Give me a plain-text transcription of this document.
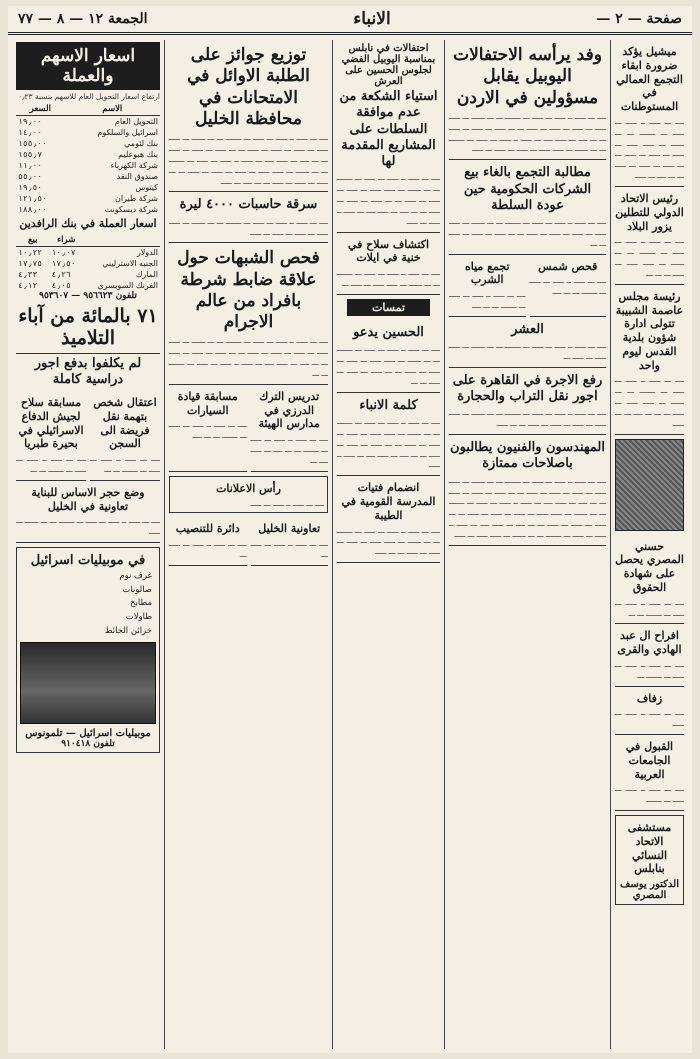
صفحة — ٢ —
الانباء
الجمعة ١٢ — ٨ — ٧٧
ميشيل يؤكد ضرورة ابقاء التجمع العمالي في المستوطنات

ــــ ـــ ـــــ ــ ـــــ ـــ ـــــ ـــ ـــــــ ـــ ـــ ــــــ ـــ ـــــ ـــــ ـــ ـــــ ـــ ـــــ ـــ ـــــ ـــ ـــ ـــــ ـــ ـــــ ـــ ـــــ ـــ ـــ ــــ ـــ ـــــ

رئيس الاتحاد الدولي للتطلين يزور البلاد

ــــ ـــ ـــــ ــ ـــــ ـــ ـــــ ـــ ـــــــ ـــ ـــ ــــــ ـــ ـــــ ـــــ ـــ ـــــ ـــ ـــ ـــ

رئيسة مجلس عاصمة الشبيبة تتولى ادارة شؤون بلدية القدس ليوم واحد

ــــ ـــ ـــــ ــ ـــــ ـــ ـــــ ـــ ـــــــ ـــ ـــ ــــــ ـــ ـــــ ـــــ ـــ ـــــ ـــ ـــ ـــ ــــ ـــ ـــ ـــــ

حسني المصري يحصل على شهادة الحقوق

ــــ ـــ ـــــ ــ ـــــ ـــ ـــــ ـــ ـــــــ ـــ ـــ

افراح ال عبد الهادي والقرى

ــــ ـــ ـــــ ــ ـــــ ـــ ـــــ ـــ ـــــــ ـــ

زفاف

ــــ ـــ ـــــ ــ ـــــ ـــ ـــــ

القبول في الجامعات العربية

ــــ ـــ ـــــ ــ ـــــ ـــ ـــــ ـــ ـــــــ

مستشفى الاتحاد النسائي بنابلس
الدكتور يوسف المصري
وفد يرأسه الاحتفالات اليوبيل يقابل مسؤولين في الاردن

ــــ ـــ ـــــ ــ ـــــ ـــ ـــــ ـــ ـــــــ ـــ ـــ ــــــ ـــ ـــــ ـــــ ـــ ـــــ ـــ ـــــ ـــ ـــــ ـــ ـــ ـــــ ـــ ـــــ ـــ ـــــ ـــ ـــ ــــ ـــ ـــــ ــــ ـــ ـــــ ــ ـــــ ـــ ـــــ ـــ ـــــــ ـــ ـــ ــــــ ـــ ـــــ ـــــ ـــ ـــــ ـــ ـــــ ـــ ـــــ

مطالبة التجمع بالغاء بيع الشركات الحكومية حين عودة السلطة

ــــ ـــ ـــــ ــ ـــــ ـــ ـــــ ـــ ـــــــ ـــ ـــ ــــــ ـــ ـــــ ـــــ ـــ ـــــ ـــ ـــــ ـــ ـــــ ـــ ـــ ـــــ ـــ ـــــ ـــ ـــــ ـــ ـــ

قحص شمس

ــــ ـــ ـــــ ــ ـــــ ـــ ـــــ ـــ ـــــــ ـــ ـــ ــــ

تجمع مياه الشرب

ــــ ـــ ـــــ ــ ـــــ ـــ ـــــ ـــ ـــــــ ـــ ـــ ــــ

العشر

ــــ ـــ ـــــ ــ ـــــ ـــ ـــــ ـــ ـــــــ ـــ ـــ ــــــ ـــ ـــــ ـــــ ـــ ـــــ ـــ

رفع الاجرة في القاهرة على اجور نقل التراب والحجارة

ــــ ـــ ـــــ ــ ـــــ ـــ ـــــ ـــ ـــــــ ـــ ـــ ــــــ ـــ ـــــ ـــــ ـــ ـــــ ـــ ـــــ ـــ ـــــ ـــ ـــ ـــــ

المهندسون والفنيون يطالبون باصلاحات ممتازة

ــــ ـــ ـــــ ــ ـــــ ـــ ـــــ ـــ ـــــــ ـــ ـــ ــــــ ـــ ـــــ ـــــ ـــ ـــــ ـــ ـــــ ـــ ـــــ ـــ ـــ ـــــ ـــ ـــــ ـــ ـــــ ـــ ـــ ــــ ـــ ـــــ ــــ ـــ ـــــ ــ ـــــ ـــ ـــــ ـــ ـــــــ ـــ ـــ ــــــ ـــ ـــــ ـــــ ـــ ـــــ ـــ ـــــ ـــ ـــــ ـــ ـــ ـــــ ـــ ـــــ ـــ ـــــ ـــ ـــ ــــ ـــ ـــــ ــــ ـــ ـــــ ــ ـــــ ـــ ـــــ ـــ ـــــــ ـــ ـــ ــــــ ـــ ـــــ ـــــ ـــ ـــــ

احتفالات في نابلس بمناسبة اليوبيل الفضي لجلوس الحسين على العرش
استياء الشكعة من عدم موافقة السلطات على المشاريع المقدمة لها

ــــ ـــ ـــــ ــ ـــــ ـــ ـــــ ـــ ـــــــ ـــ ـــ ــــــ ـــ ـــــ ـــــ ـــ ـــــ ـــ ـــــ ـــ ـــــ ـــ ـــ ـــــ ـــ ـــــ ـــ ـــــ ـــ ـــ ــــ ـــ ـــــ ــــ ـــ ـــــ ــ ـــــ ـــ ـــــ

اكتشاف سلاح في خنية في ايلات

ــــ ـــ ـــــ ــ ـــــ ـــ ـــــ ـــ ـــــــ ـــ ـــ ــــــ ـــ ـــــ ـــــ ـــ ـــــ ـــ

تمسات
الحسين يدعو

ــــ ـــ ـــــ ــ ـــــ ـــ ـــــ ـــ ـــــــ ـــ ـــ ــــــ ـــ ـــــ ـــــ ـــ ـــــ ـــ ـــــ ـــ ـــــ ـــ ـــ ـــــ ـــ ـــــ ـــ ـــــ ـــ ـــ

كلمة الانباء

ــــ ـــ ـــــ ــ ـــــ ـــ ـــــ ـــ ـــــــ ـــ ـــ ــــــ ـــ ـــــ ـــــ ـــ ـــــ ـــ ـــــ ـــ ـــــ ـــ ـــ ـــــ ـــ ـــــ ـــ ـــــ ـــ ـــ ــــ ـــ ـــــ ــــ ـــ ـــــ ــ ـــــ

انضمام فتيات المدرسة القومية في الطيبة

ــــ ـــ ـــــ ــ ـــــ ـــ ـــــ ـــ ـــــــ ـــ ـــ ــــــ ـــ ـــــ ـــــ ـــ ـــــ ـــ ـــــ ـــ ـــــ ـــ ـــ ـــــ

توزيع جوائز على الطلبة الاوائل في الامتحانات في محافظة الخليل

ــــ ـــ ـــــ ــ ـــــ ـــ ـــــ ـــ ـــــــ ـــ ـــ ــــــ ـــ ـــــ ـــــ ـــ ـــــ ـــ ـــــ ـــ ـــــ ـــ ـــ ـــــ ـــ ـــــ ـــ ـــــ ـــ ـــ ــــ ـــ ـــــ ــــ ـــ ـــــ ــ ـــــ ـــ ـــــ ـــ ـــــــ ـــ ـــ ــــــ ـــ ـــــ ـــــ ـــ ـــــ ـــ ـــــ ـــ ـــــ ـــ ـــ ـــــ ـــ ـــــ ـــ ـــــ ـــ ـــ ــــ ـــ ـــــ

سرقة حاسبات ٤٠٠٠ ليرة

ــــ ـــ ـــــ ــ ـــــ ـــ ـــــ ـــ ـــــــ ـــ ـــ ــــــ ـــ ـــــ ـــــ ـــ ـــــ ـــ ـــــ ـــ ـــــ

فحص الشبهات حول علاقة ضابط شرطة بافراد من عالم الاجرام

ــــ ـــ ـــــ ــ ـــــ ـــ ـــــ ـــ ـــــــ ـــ ـــ ــــــ ـــ ـــــ ـــــ ـــ ـــــ ـــ ـــــ ـــ ـــــ ـــ ـــ ـــــ ـــ ـــــ ـــ ـــــ ـــ ـــ ــــ ـــ ـــــ ــــ ـــ ـــــ ــ ـــــ ـــ ـــــ ـــ ـــــــ ـــ ـــ

تدريس الترك الدرزي في مدارس الهيئة

ــــ ـــ ـــــ ــ ـــــ ـــ ـــــ ـــ ـــــــ ـــ ـــ ــــ ـــ ـــــ ــــ ـــ

مسابقة قيادة السيارات

ــــ ـــ ـــــ ــ ـــــ ـــ ـــــ ـــ ـــــــ ـــ ـــ ــــ

رأس الاعلانات

ــــ ـــ ـــــ ــ ـــــ ـــ ـــــ

تعاونية الخليل

ــــ ـــ ـــــ ــ ـــــ ـــ ـــــ ـــ

دائرة للتنصيب

ــــ ـــ ـــــ ــ ـــــ ـــ ـــــ ـــ

اسعار الاسهم والعملة

ارتفاع اسعار التحويل العام للاسهم بنسبة ٠٫٢٣

الاسم	السعر
التحويل العام	١٩٫٠٠
اسرائيل والسلكوم	١٤٫٠٠
بنك لئومي	١٥٥٫٠٠
بنك هبوعليم	١٥٥٫٧
شركة الكهرباء	١١٫٠٠
صندوق النقد	٥٥٫٠٠
كيتوس	١٩٫٥٠
شركة طيران	١٢١٫٥٠
شركة ديسكونت	١٨٨٫٠٠
اسعار العملة في بنك الرافدين
	شراء	بيع
الدولار	١٠٫٠٧	١٠٫٢٢
الجنيه الاسترليني	١٧٫٥٠	١٧٫٧٥
المارك	٤٫٢٦	٤٫٣٣
الفرنك السويسري	٤٫٠٥	٤٫١٢
تلفون ٩٥٦٦٢٣ — ٩٥٣٦٠٧
٧١ بالمائة من آباء التلاميذ
لم يكلفوا بدفع اجور دراسية كاملة
اعتقال شخص بتهمة نقل فريضة الى السجن

ــــ ـــ ـــــ ــ ـــــ ـــ ـــــ ـــ ـــــــ ـــ ـــ

مسابقة سلاح لجيش الدفاع الاسرائيلي في بحيرة طبريا

ــــ ـــ ـــــ ــ ـــــ ـــ ـــــ ـــ ـــــــ ـــ ـــ

وضع حجر الاساس للبناية تعاونية في الخليل

ــــ ـــ ـــــ ــ ـــــ ـــ ـــــ ـــ ـــــــ ـــ ـــ ــــــ ـــ ـــــ

في موبيليات اسرائيل
غرف نوم
صالونات
مطابخ
طاولات
خزائن الحائط
موبيليات اسرائيل — تلمونوس
تلفون ٩١٠٤١٨
